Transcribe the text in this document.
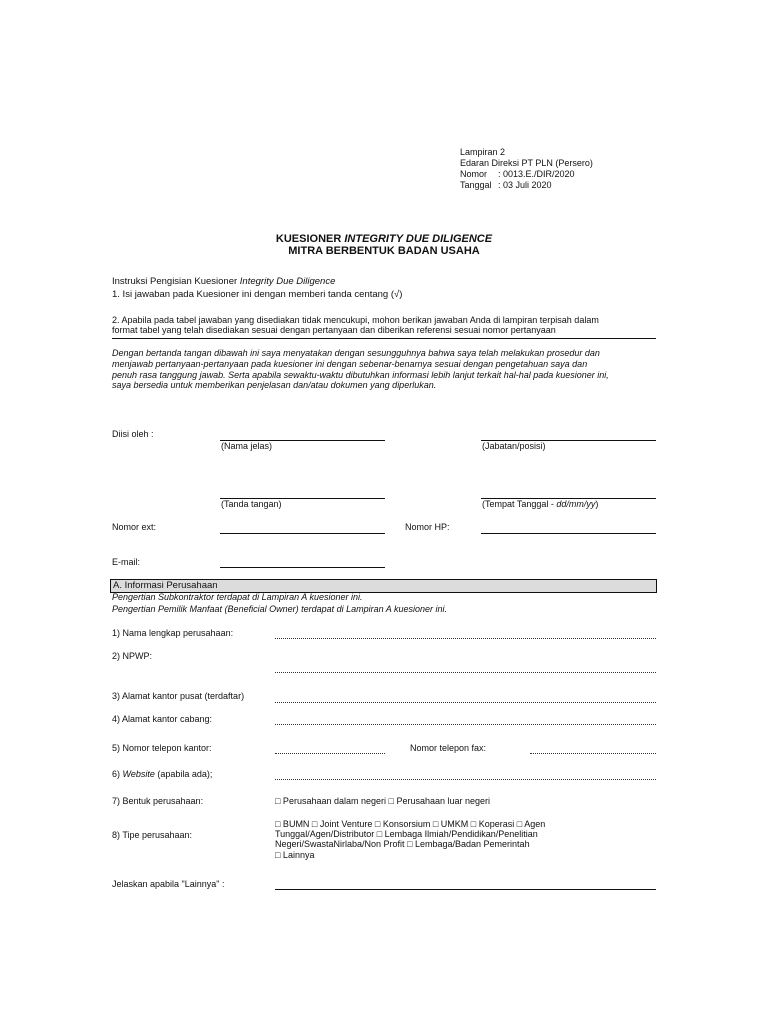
Lampiran 2
Edaran Direksi PT PLN (Persero)
Nomor : 0013.E./DIR/2020
Tanggal : 03 Juli 2020
KUESIONER INTEGRITY DUE DILIGENCE
MITRA BERBENTUK BADAN USAHA
Instruksi Pengisian Kuesioner Integrity Due Diligence
1. Isi jawaban pada Kuesioner ini dengan memberi tanda centang (√)
2. Apabila pada tabel jawaban yang disediakan tidak mencukupi, mohon berikan jawaban Anda di lampiran terpisah dalam
format tabel yang telah disediakan sesuai dengan pertanyaan dan diberikan referensi sesuai nomor pertanyaan
Dengan bertanda tangan dibawah ini saya menyatakan dengan sesungguhnya bahwa saya telah melakukan prosedur dan
menjawab pertanyaan-pertanyaan pada kuesioner ini dengan sebenar-benarnya sesuai dengan pengetahuan saya dan
penuh rasa tanggung jawab. Serta apabila sewaktu-waktu dibutuhkan informasi lebih lanjut terkait hal-hal pada kuesioner ini,
saya bersedia untuk memberikan penjelasan dan/atau dokumen yang diperlukan.
Diisi oleh :
(Nama jelas)	(Jabatan/posisi)
(Tanda tangan)	(Tempat Tanggal - dd/mm/yy)
Nomor ext:	Nomor HP:
E-mail:
A. Informasi Perusahaan
Pengertian Subkontraktor terdapat di Lampiran A kuesioner ini.
Pengertian Pemilik Manfaat (Beneficial Owner) terdapat di Lampiran A kuesioner ini.
1) Nama lengkap perusahaan:
2) NPWP:
3) Alamat kantor pusat (terdaftar)
4) Alamat kantor cabang:
5) Nomor telepon kantor:	Nomor telepon fax:
6) Website (apabila ada);
7) Bentuk perusahaan:	□ Perusahaan dalam negeri □ Perusahaan luar negeri
8) Tipe perusahaan:
□ BUMN □ Joint Venture □ Konsorsium □ UMKM □ Koperasi □ Agen
Tunggal/Agen/Distributor □ Lembaga Ilmiah/Pendidikan/Penelitian
Negeri/SwastaNirlaba/Non Profit □ Lembaga/Badan Pemerintah
□ Lainnya
Jelaskan apabila "Lainnya" :
